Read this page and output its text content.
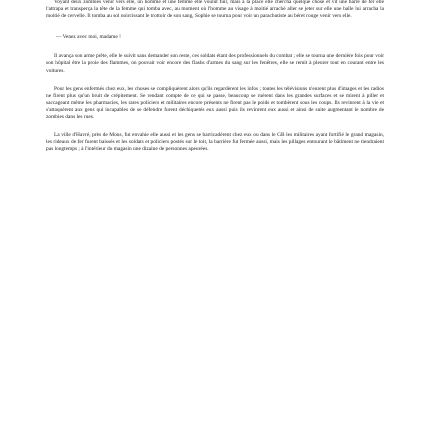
Voyant deux zombies venir vers elle, un homme et une femme elle voulut fuir, mais à la place elle chercha quelque chose et vit une barre de fer elle l'attrapa et transperça la tête de la femme qui tomba avec, au moment où l'homme au visage à moitié arraché aller se jeter sur elle une balle lui arracha la moitié de cervelle. Il tomba au sol noircissant le trottoir de son sang, Sophie se tourna pour voir un parachutiste au béret rouge venir vers elle.

— Venez avec moi, madame !

Il avança son arme prête, elle le suivit sans demander son reste, ces soldats étant des professionnels du combat ; elle se tourna une dernière fois pour voir son hôpital être la proie des flammes, on pouvait voir encore des flashs d'armes du sang sur les fenêtres, elle se remit à pleurer tout en courant entre les voitures.

Pour les gens enfermés chez eux, les choses se compliquèrent alors qu'ils regardèrent les infos ; toutes les télévisions n'eurent plus d'images et les radios ne firent plus qu'un bruit de crépitement. Se rendant compte de ce qui se passe, beaucoup se ruèrent dans les grandes surfaces et se mirent à piller et saccageant même les pharmacies, les rares policiers et militaires encore présents ne firent pas le poids et tombèrent sous les coups. Ils revinrent à la vie et s'attaquèrent aux gens qui incapables de se défendre furent déchiquetés eux aussi puis ils revinrent eux aussi et ainsi de suite augmentant le nombre de zombies dans les rues.

La ville d'Havré, près de Mons, fut envahie elle aussi et les gens se barricadèrent chez eux ou dans le GB les militaires ayant fortifié le grand magasin, les rideaux de fer furent baissés et les soldats et policiers postés sur le toit, la barrière fut fermée aussi, mais les pillages entourant le bâtiment ne tiendraient pas longtemps ; à l'intérieur du magasin une dizaine de personnes apeurées.
